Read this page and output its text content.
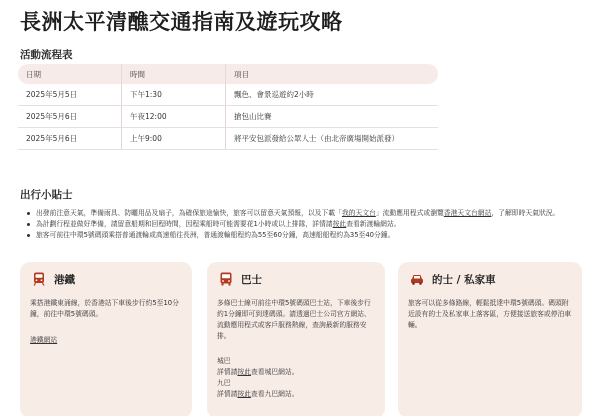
長洲太平清醮交通指南及遊玩攻略
活動流程表
日期	時間	項目
2025年5月5日	下午1:30	飄色、會景巡遊約2小時
2025年5月6日	午夜12:00	搶包山比賽
2025年5月6日	上午9:00	將平安包派發給公眾人士（由北帝廣場開始派發）
出行小貼士
出發前注意天氣，準備雨具、防曬用品及扇子，為確保旅途愉快，旅客可以留意天氣預報，以及下載「我的天文台」流動應用程式或瀏覽香港天文台網站，了解即時天氣狀況。
為計劃行程並做好準備，請留意船期和回程時間，因程乘船時可能需要花1小時或以上排隊，詳情請按此查看新渡輪網站。
旅客可前往中環5號碼頭乘搭普通渡輪或高速船往長洲，普通渡輪船程約為55至60分鐘，高速船船程約為35至40分鐘。
港鐵
乘搭港鐵東涌線，於香港站下車後步行約5至10分鐘，前往中環5號碼頭。
港鐵網站
巴士
多條巴士線可前往中環5號碼頭巴士站，下車後步行約1分鐘即可到達碼頭。請透過巴士公司官方網站、流動應用程式或客戶服務熱線，查詢最新的服務安排。
城巴
詳情請按此查看城巴網站。
九巴
詳情請按此查看九巴網站。
的士 / 私家車
旅客可以從多條路線，輕鬆抵達中環5號碼頭。碼頭附近設有的士及私家車上落客區，方便接送旅客或停泊車輛。
